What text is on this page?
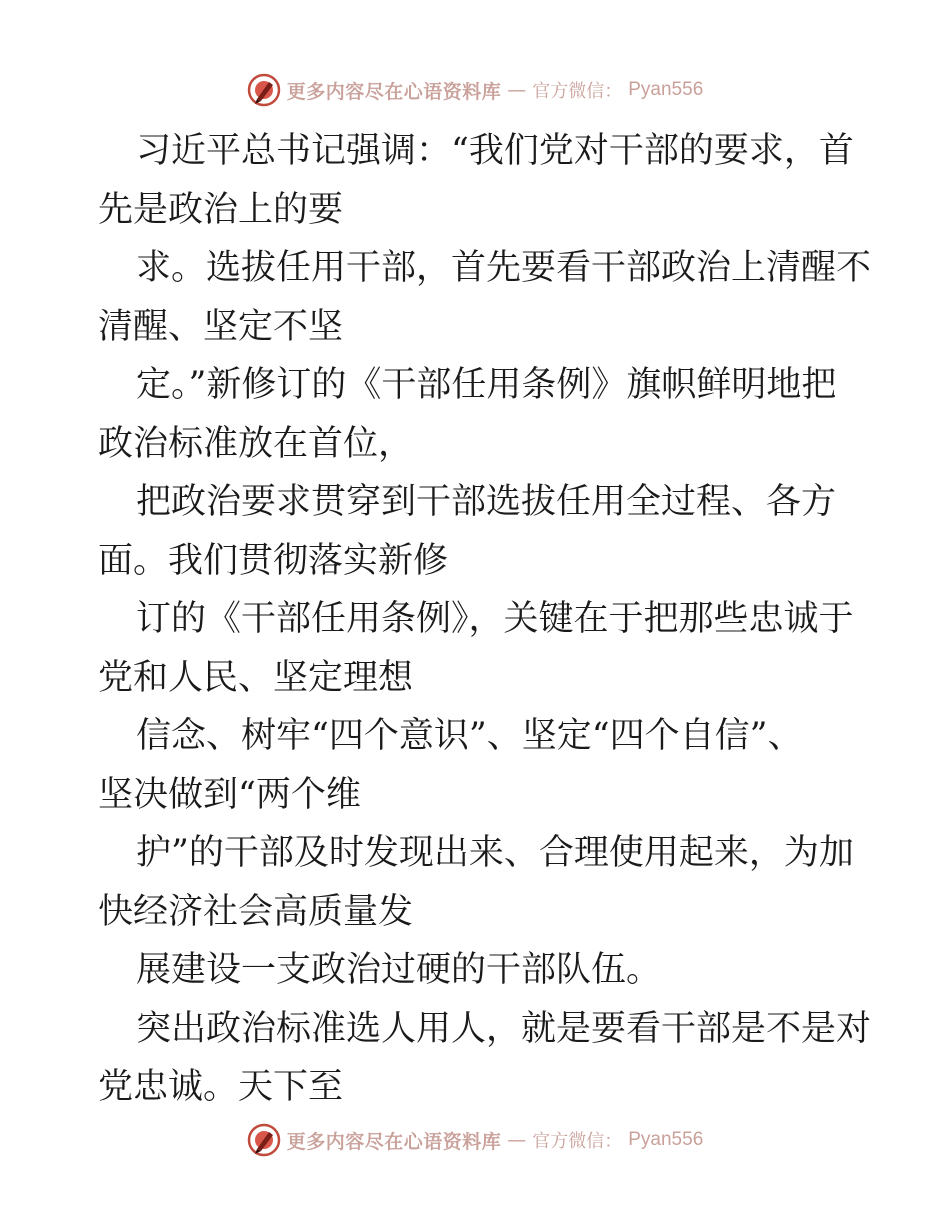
更多内容尽在心语资料库 — 官方微信： Pyan556
习近平总书记强调：“我们党对干部的要求，首
先是政治上的要
求。选拔任用干部，首先要看干部政治上清醒不
清醒、坚定不坚
定。”新修订的《干部任用条例》旗帜鲜明地把
政治标准放在首位，
把政治要求贯穿到干部选拔任用全过程、各方
面。我们贯彻落实新修
订的《干部任用条例》，关键在于把那些忠诚于
党和人民、坚定理想
信念、树牢“四个意识”、坚定“四个自信”、
坚决做到“两个维
护”的干部及时发现出来、合理使用起来，为加
快经济社会高质量发
展建设一支政治过硬的干部队伍。
突出政治标准选人用人，就是要看干部是不是对
党忠诚。天下至
更多内容尽在心语资料库 — 官方微信： Pyan556
